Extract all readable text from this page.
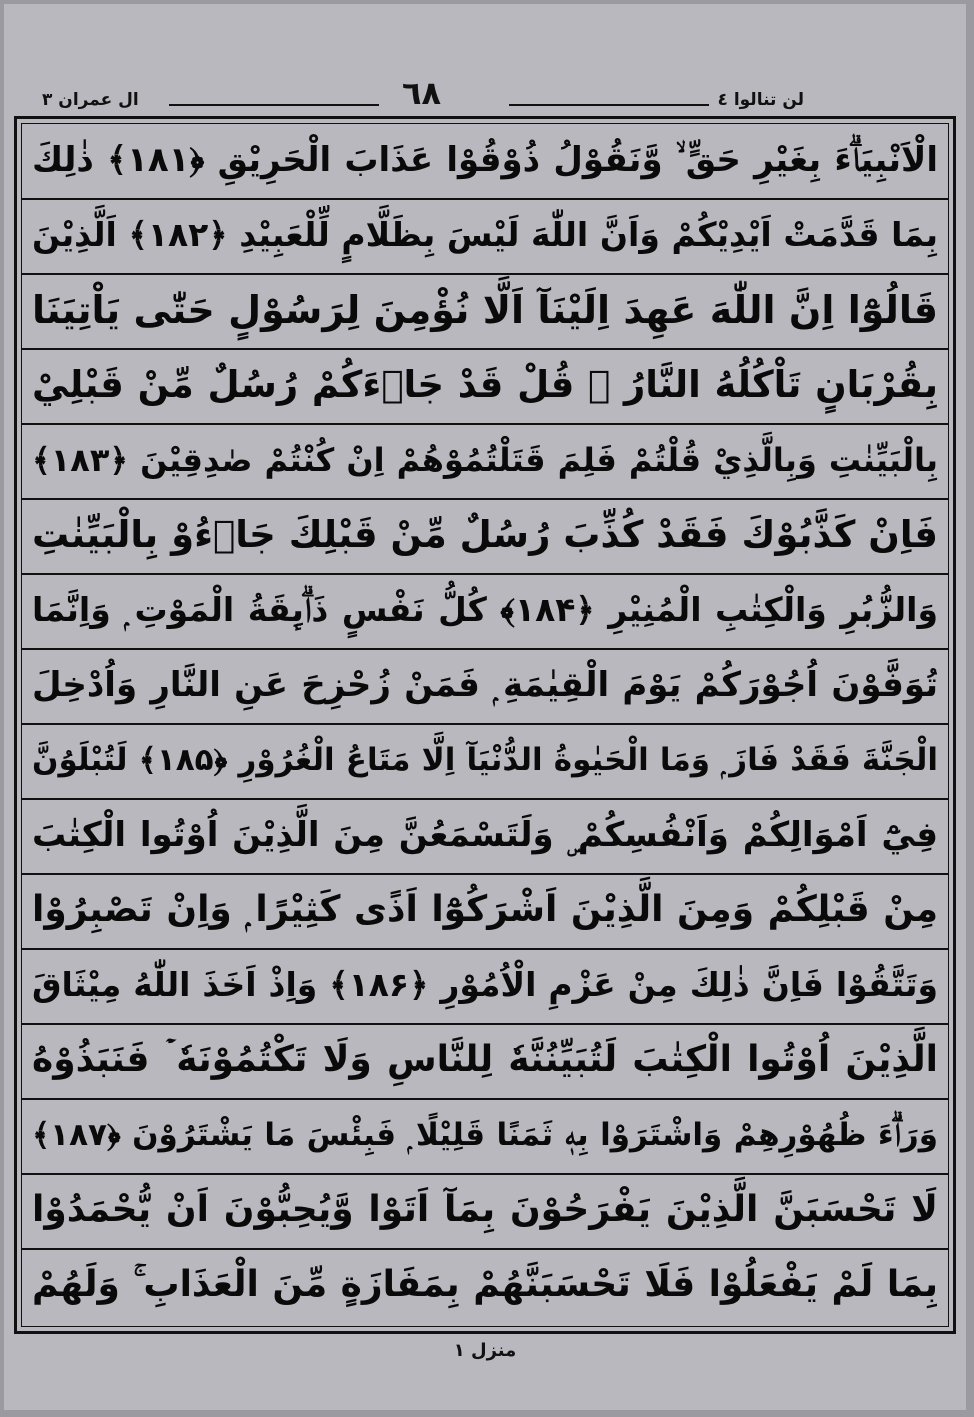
لن تنالوا ٤
٦٨
ال عمران ٣
الْاَنْبِيَاۗءَ بِغَيْرِ حَقٍّ ۙ وَّنَقُوْلُ ذُوْقُوْا عَذَابَ الْحَرِيْقِ ﴿۱۸۱﴾ ذٰلِكَ
بِمَا قَدَّمَتْ اَيْدِيْكُمْ وَاَنَّ اللّٰهَ لَيْسَ بِظَلَّامٍ لِّلْعَبِيْدِ ﴿۱۸۲﴾ اَلَّذِيْنَ
قَالُوْٓا اِنَّ اللّٰهَ عَهِدَ اِلَيْنَآ اَلَّا نُؤْمِنَ لِرَسُوْلٍ حَتّٰى يَاْتِيَنَا
بِقُرْبَانٍ تَاْكُلُهُ النَّارُ ۭ قُلْ قَدْ جَاۗءَكُمْ رُسُلٌ مِّنْ قَبْلِيْ
بِالْبَيِّنٰتِ وَبِالَّذِيْ قُلْتُمْ فَلِمَ قَتَلْتُمُوْھُمْ اِنْ كُنْتُمْ صٰدِقِيْنَ ﴿۱۸۳﴾
فَاِنْ كَذَّبُوْكَ فَقَدْ كُذِّبَ رُسُلٌ مِّنْ قَبْلِكَ جَاۗءُوْ بِالْبَيِّنٰتِ
وَالزُّبُرِ وَالْكِتٰبِ الْمُنِيْرِ ﴿۱۸۴﴾ كُلُّ نَفْسٍ ذَاۗىِٕقَةُ الْمَوْتِ ۭ وَاِنَّمَا
تُوَفَّوْنَ اُجُوْرَكُمْ يَوْمَ الْقِيٰمَةِ ۭ فَمَنْ زُحْزِحَ عَنِ النَّارِ وَاُدْخِلَ
الْجَنَّةَ فَقَدْ فَازَ ۭ وَمَا الْحَيٰوةُ الدُّنْيَآ اِلَّا مَتَاعُ الْغُرُوْرِ ﴿۱۸۵﴾ لَتُبْلَوُنَّ
فِيْٓ اَمْوَالِكُمْ وَاَنْفُسِكُمْ ۣ وَلَتَسْمَعُنَّ مِنَ الَّذِيْنَ اُوْتُوا الْكِتٰبَ
مِنْ قَبْلِكُمْ وَمِنَ الَّذِيْنَ اَشْرَكُوْٓا اَذًى كَثِيْرًا ۭ وَاِنْ تَصْبِرُوْا
وَتَتَّقُوْا فَاِنَّ ذٰلِكَ مِنْ عَزْمِ الْاُمُوْرِ ﴿۱۸۶﴾ وَاِذْ اَخَذَ اللّٰهُ مِيْثَاقَ
الَّذِيْنَ اُوْتُوا الْكِتٰبَ لَتُبَيِّنُنَّهٗ لِلنَّاسِ وَلَا تَكْتُمُوْنَهٗ ۡ فَنَبَذُوْهُ
وَرَاۗءَ ظُهُوْرِهِمْ وَاشْتَرَوْا بِهٖ ثَمَنًا قَلِيْلًا ۭ فَبِئْسَ مَا يَشْتَرُوْنَ ﴿۱۸۷﴾
لَا تَحْسَبَنَّ الَّذِيْنَ يَفْرَحُوْنَ بِمَآ اَتَوْا وَّيُحِبُّوْنَ اَنْ يُّحْمَدُوْا
بِمَا لَمْ يَفْعَلُوْا فَلَا تَحْسَبَنَّھُمْ بِمَفَازَةٍ مِّنَ الْعَذَابِ ۚ وَلَھُمْ
منزل ١
